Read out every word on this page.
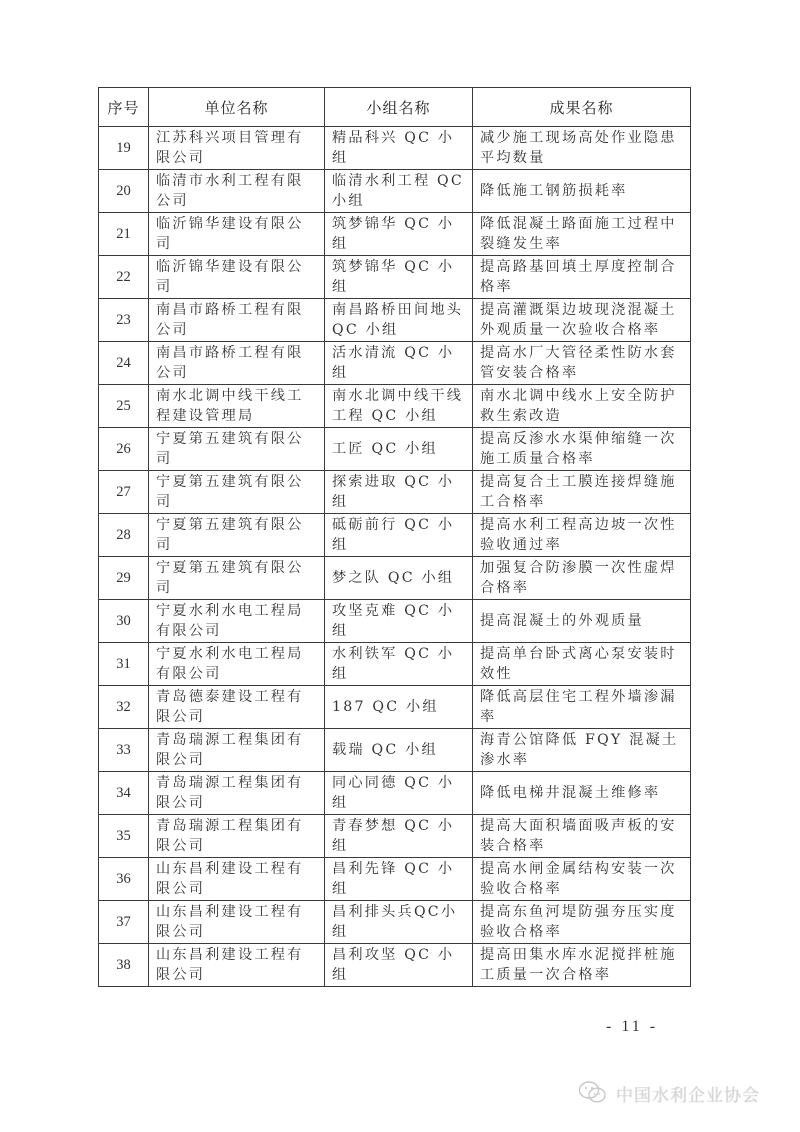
序号	单位名称	小组名称	成果名称
19	江苏科兴项目管理有限公司	精品科兴 QC 小组	减少施工现场高处作业隐患平均数量
20	临清市水利工程有限公司	临清水利工程 QC 小组	降低施工钢筋损耗率
21	临沂锦华建设有限公司	筑梦锦华 QC 小组	降低混凝土路面施工过程中裂缝发生率
22	临沂锦华建设有限公司	筑梦锦华 QC 小组	提高路基回填土厚度控制合格率
23	南昌市路桥工程有限公司	南昌路桥田间地头 QC 小组	提高灌溉渠边坡现浇混凝土外观质量一次验收合格率
24	南昌市路桥工程有限公司	活水清流 QC 小组	提高水厂大管径柔性防水套管安装合格率
25	南水北调中线干线工程建设管理局	南水北调中线干线工程 QC 小组	南水北调中线水上安全防护救生索改造
26	宁夏第五建筑有限公司	工匠 QC 小组	提高反渗水水渠伸缩缝一次施工质量合格率
27	宁夏第五建筑有限公司	探索进取 QC 小组	提高复合土工膜连接焊缝施工合格率
28	宁夏第五建筑有限公司	砥砺前行 QC 小组	提高水利工程高边坡一次性验收通过率
29	宁夏第五建筑有限公司	梦之队 QC 小组	加强复合防渗膜一次性虚焊合格率
30	宁夏水利水电工程局有限公司	攻坚克难 QC 小组	提高混凝土的外观质量
31	宁夏水利水电工程局有限公司	水利铁军 QC 小组	提高单台卧式离心泵安装时效性
32	青岛德泰建设工程有限公司	187 QC 小组	降低高层住宅工程外墙渗漏率
33	青岛瑞源工程集团有限公司	载瑞 QC 小组	海青公馆降低 FQY 混凝土渗水率
34	青岛瑞源工程集团有限公司	同心同德 QC 小组	降低电梯井混凝土维修率
35	青岛瑞源工程集团有限公司	青春梦想 QC 小组	提高大面积墙面吸声板的安装合格率
36	山东昌利建设工程有限公司	昌利先锋 QC 小组	提高水闸金属结构安装一次验收合格率
37	山东昌利建设工程有限公司	昌利排头兵QC小组	提高东鱼河堤防强夯压实度验收合格率
38	山东昌利建设工程有限公司	昌利攻坚 QC 小组	提高田集水库水泥搅拌桩施工质量一次合格率
- 11 -
中国水利企业协会
